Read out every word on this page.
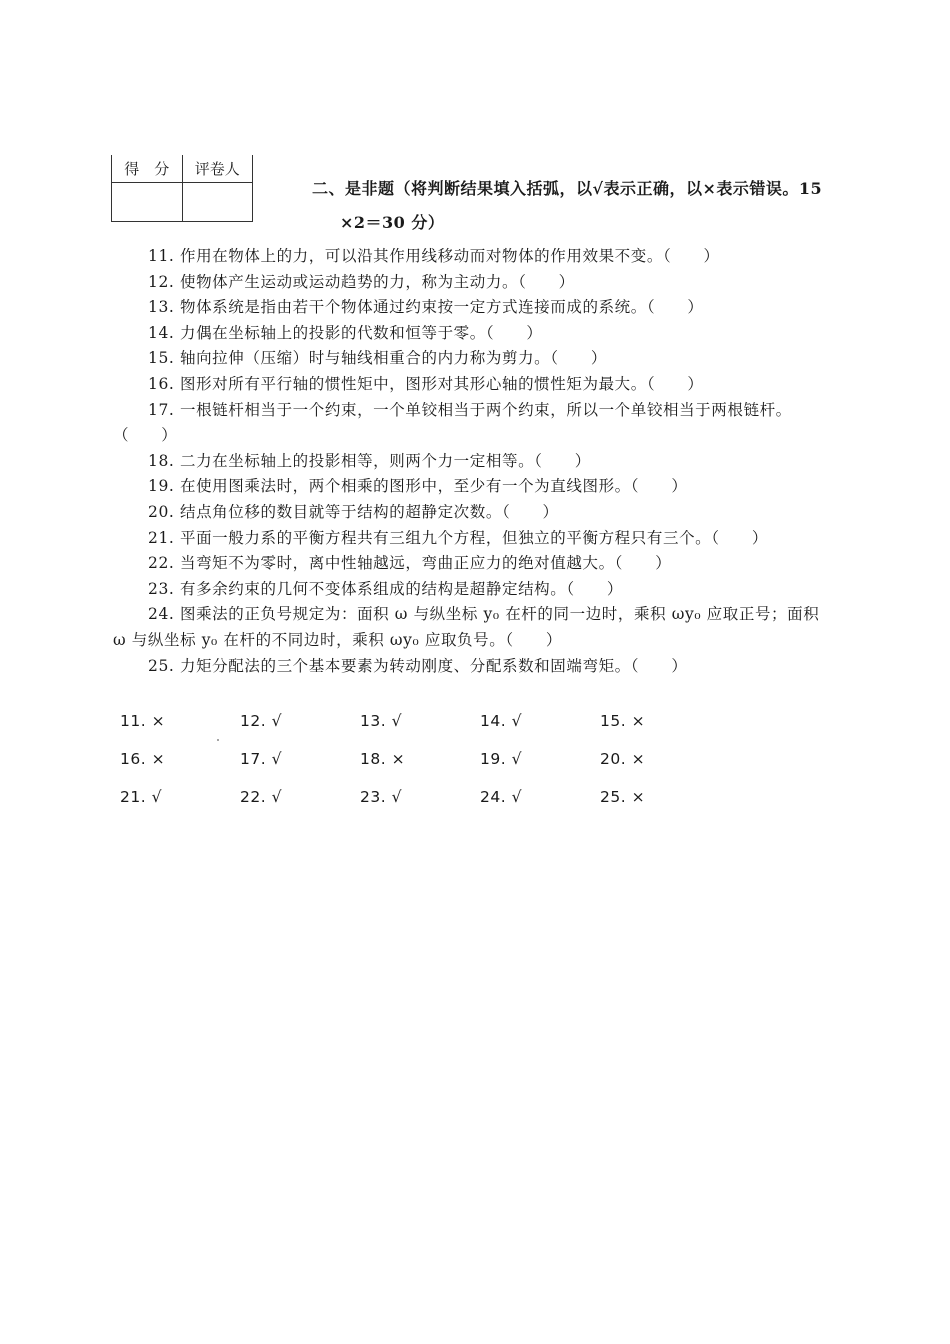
得　分	评卷人

二、是非题（将判断结果填入括弧，以√表示正确，以×表示错误。15
×2＝30 分）

11. 作用在物体上的力，可以沿其作用线移动而对物体的作用效果不变。（　　）

12. 使物体产生运动或运动趋势的力，称为主动力。（　　）

13. 物体系统是指由若干个物体通过约束按一定方式连接而成的系统。（　　）

14. 力偶在坐标轴上的投影的代数和恒等于零。（　　）

15. 轴向拉伸（压缩）时与轴线相重合的内力称为剪力。（　　）

16. 图形对所有平行轴的惯性矩中，图形对其形心轴的惯性矩为最大。（　　）

17. 一根链杆相当于一个约束，一个单铰相当于两个约束，所以一个单铰相当于两根链杆。（　　）

18. 二力在坐标轴上的投影相等，则两个力一定相等。（　　）

19. 在使用图乘法时，两个相乘的图形中，至少有一个为直线图形。（　　）

20. 结点角位移的数目就等于结构的超静定次数。（　　）

21. 平面一般力系的平衡方程共有三组九个方程，但独立的平衡方程只有三个。（　　）

22. 当弯矩不为零时，离中性轴越远，弯曲正应力的绝对值越大。（　　）

23. 有多余约束的几何不变体系组成的结构是超静定结构。（　　）

24. 图乘法的正负号规定为：面积 ω 与纵坐标 y₀ 在杆的同一边时，乘积 ωy₀ 应取正号；面积 ω 与纵坐标 y₀ 在杆的不同边时，乘积 ωy₀ 应取负号。（　　）

25. 力矩分配法的三个基本要素为转动刚度、分配系数和固端弯矩。（　　）

11. ×	12. √	13. √	14. √	15. ×
16. ×	17. √	18. ×	19. √	20. ×
21. √	22. √	23. √	24. √	25. ×
